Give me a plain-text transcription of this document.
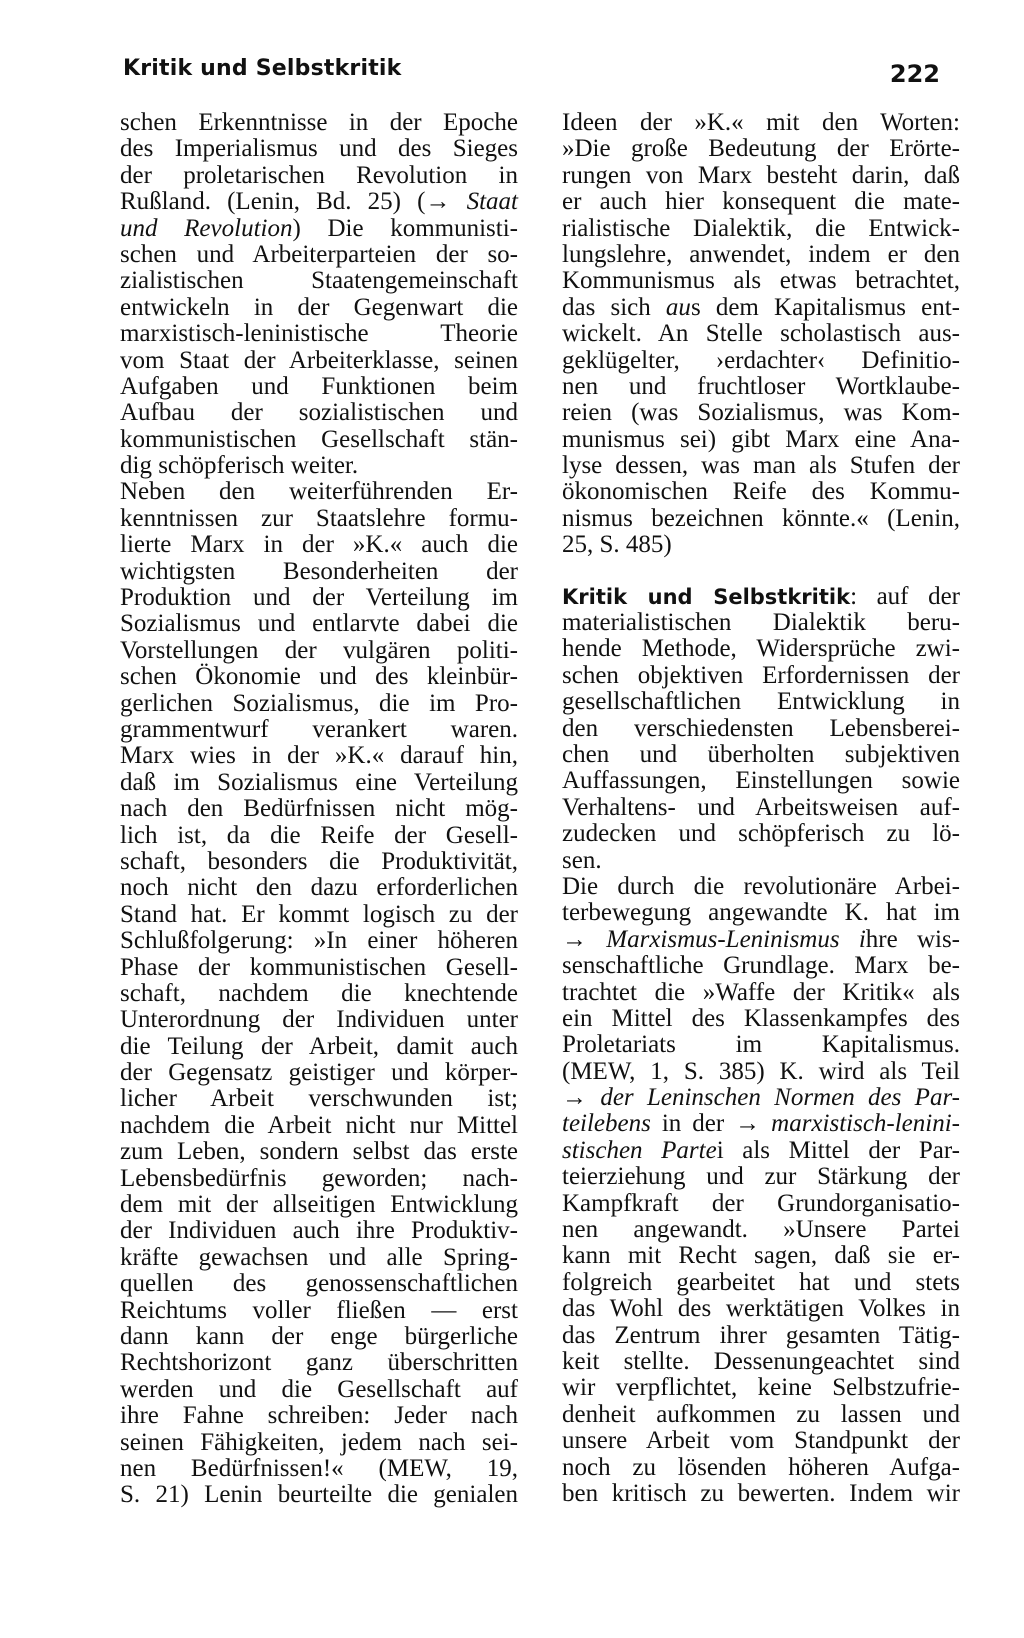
Kritik und Selbstkritik	222
schen Erkenntnisse in der Epoche
des Imperialismus und des Sieges
der proletarischen Revolution in
Rußland. (Lenin, Bd. 25) (→ Staat
und Revolution) Die kommunisti-
schen und Arbeiterparteien der so-
zialistischen Staatengemeinschaft
entwickeln in der Gegenwart die
marxistisch-leninistische Theorie
vom Staat der Arbeiterklasse, seinen
Aufgaben und Funktionen beim
Aufbau der sozialistischen und
kommunistischen Gesellschaft stän-
dig schöpferisch weiter.
Neben den weiterführenden Er-
kenntnissen zur Staatslehre formu-
lierte Marx in der »K.« auch die
wichtigsten Besonderheiten der
Produktion und der Verteilung im
Sozialismus und entlarvte dabei die
Vorstellungen der vulgären politi-
schen Ökonomie und des kleinbür-
gerlichen Sozialismus, die im Pro-
grammentwurf verankert waren.
Marx wies in der »K.« darauf hin,
daß im Sozialismus eine Verteilung
nach den Bedürfnissen nicht mög-
lich ist, da die Reife der Gesell-
schaft, besonders die Produktivität,
noch nicht den dazu erforderlichen
Stand hat. Er kommt logisch zu der
Schlußfolgerung: »In einer höheren
Phase der kommunistischen Gesell-
schaft, nachdem die knechtende
Unterordnung der Individuen unter
die Teilung der Arbeit, damit auch
der Gegensatz geistiger und körper-
licher Arbeit verschwunden ist;
nachdem die Arbeit nicht nur Mittel
zum Leben, sondern selbst das erste
Lebensbedürfnis geworden; nach-
dem mit der allseitigen Entwicklung
der Individuen auch ihre Produktiv-
kräfte gewachsen und alle Spring-
quellen des genossenschaftlichen
Reichtums voller fließen — erst
dann kann der enge bürgerliche
Rechtshorizont ganz überschritten
werden und die Gesellschaft auf
ihre Fahne schreiben: Jeder nach
seinen Fähigkeiten, jedem nach sei-
nen Bedürfnissen!« (MEW, 19,
S. 21) Lenin beurteilte die genialen
Ideen der »K.« mit den Worten:
»Die große Bedeutung der Erörte-
rungen von Marx besteht darin, daß
er auch hier konsequent die mate-
rialistische Dialektik, die Entwick-
lungslehre, anwendet, indem er den
Kommunismus als etwas betrachtet,
das sich aus dem Kapitalismus ent-
wickelt. An Stelle scholastisch aus-
geklügelter, ›erdachter‹ Definitio-
nen und fruchtloser Wortklaube-
reien (was Sozialismus, was Kom-
munismus sei) gibt Marx eine Ana-
lyse dessen, was man als Stufen der
ökonomischen Reife des Kommu-
nismus bezeichnen könnte.« (Lenin,
25, S. 485)
Kritik und Selbstkritik: auf der
materialistischen Dialektik beru-
hende Methode, Widersprüche zwi-
schen objektiven Erfordernissen der
gesellschaftlichen Entwicklung in
den verschiedensten Lebensberei-
chen und überholten subjektiven
Auffassungen, Einstellungen sowie
Verhaltens- und Arbeitsweisen auf-
zudecken und schöpferisch zu lö-
sen.
Die durch die revolutionäre Arbei-
terbewegung angewandte K. hat im
→ Marxismus-Leninismus ihre wis-
senschaftliche Grundlage. Marx be-
trachtet die »Waffe der Kritik« als
ein Mittel des Klassenkampfes des
Proletariats im Kapitalismus.
(MEW, 1, S. 385) K. wird als Teil
→ der Leninschen Normen des Par-
teilebens in der → marxistisch-lenini-
stischen Partei als Mittel der Par-
teierziehung und zur Stärkung der
Kampfkraft der Grundorganisatio-
nen angewandt. »Unsere Partei
kann mit Recht sagen, daß sie er-
folgreich gearbeitet hat und stets
das Wohl des werktätigen Volkes in
das Zentrum ihrer gesamten Tätig-
keit stellte. Dessenungeachtet sind
wir verpflichtet, keine Selbstzufrie-
denheit aufkommen zu lassen und
unsere Arbeit vom Standpunkt der
noch zu lösenden höheren Aufga-
ben kritisch zu bewerten. Indem wir
